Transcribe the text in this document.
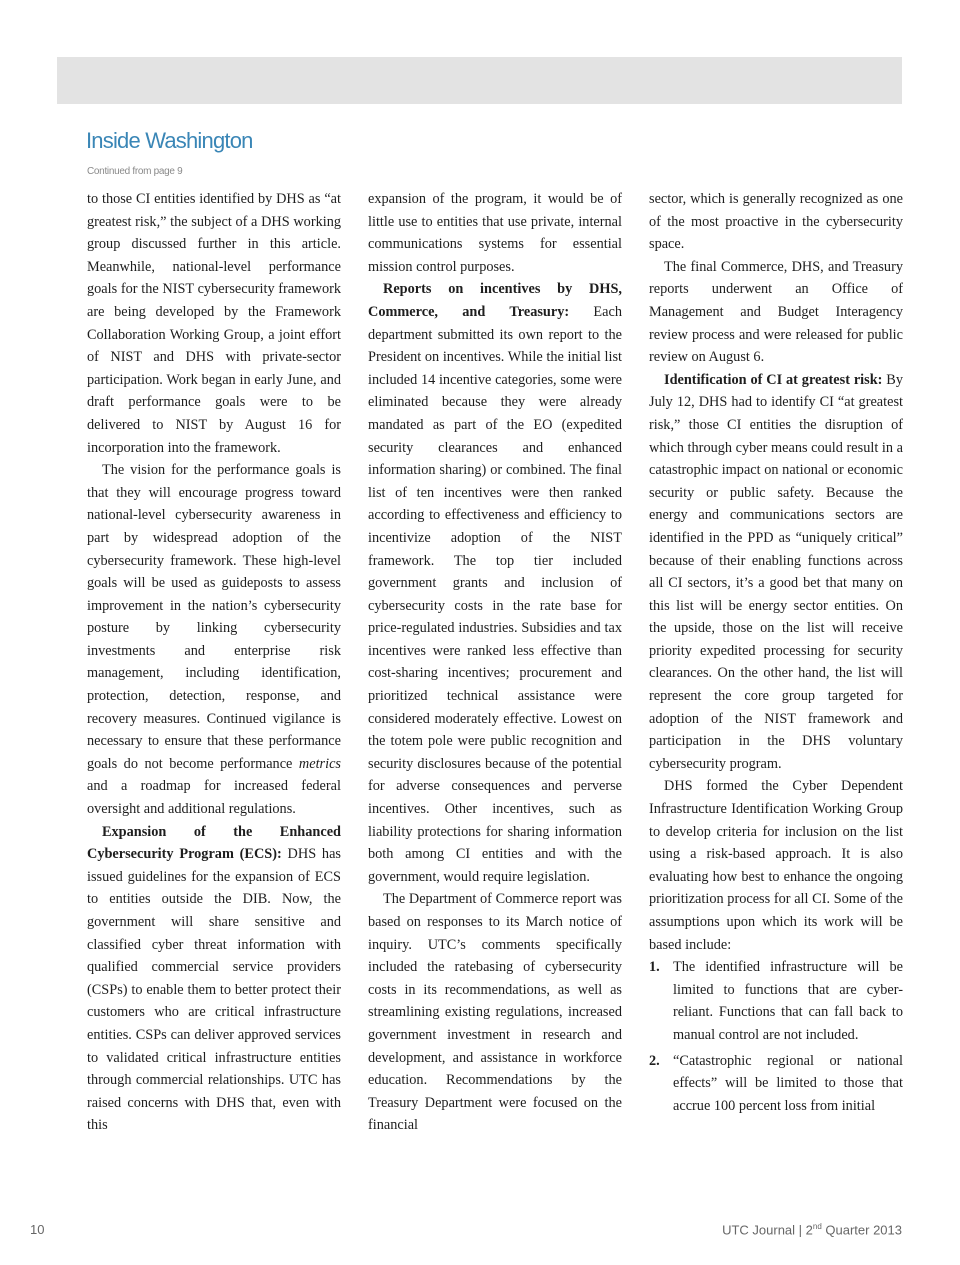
Inside Washington
Continued from page 9

to those CI entities identified by DHS as “at greatest risk,” the subject of a DHS working group discussed further in this article. Meanwhile, national-level performance goals for the NIST cybersecurity framework are being developed by the Framework Collaboration Working Group, a joint effort of NIST and DHS with private-sector participation. Work began in early June, and draft performance goals were to be delivered to NIST by August 16 for incorporation into the framework.

The vision for the performance goals is that they will encourage progress toward national-level cybersecurity awareness in part by widespread adoption of the cybersecurity framework. These high-level goals will be used as guideposts to assess improvement in the nation’s cybersecurity posture by linking cybersecurity investments and enterprise risk management, including identification, protection, detection, response, and recovery measures. Continued vigilance is necessary to ensure that these performance goals do not become performance metrics and a roadmap for increased federal oversight and additional regulations.

Expansion of the Enhanced Cybersecurity Program (ECS): DHS has issued guidelines for the expansion of ECS to entities outside the DIB. Now, the government will share sensitive and classified cyber threat information with qualified commercial service providers (CSPs) to enable them to better protect their customers who are critical infrastructure entities. CSPs can deliver approved services to validated critical infrastructure entities through commercial relationships. UTC has raised concerns with DHS that, even with this

expansion of the program, it would be of little use to entities that use private, internal communications systems for essential mission control purposes.

Reports on incentives by DHS, Commerce, and Treasury: Each department submitted its own report to the President on incentives. While the initial list included 14 incentive categories, some were eliminated because they were already mandated as part of the EO (expedited security clearances and enhanced information sharing) or combined. The final list of ten incentives were then ranked according to effectiveness and efficiency to incentivize adoption of the NIST framework. The top tier included government grants and inclusion of cybersecurity costs in the rate base for price-regulated industries. Subsidies and tax incentives were ranked less effective than cost-sharing incentives; procurement and prioritized technical assistance were considered moderately effective. Lowest on the totem pole were public recognition and security disclosures because of the potential for adverse consequences and perverse incentives. Other incentives, such as liability protections for sharing information both among CI entities and with the government, would require legislation.

The Department of Commerce report was based on responses to its March notice of inquiry. UTC’s comments specifically included the ratebasing of cybersecurity costs in its recommendations, as well as streamlining existing regulations, increased government investment in research and development, and assistance in workforce education. Recommendations by the Treasury Department were focused on the financial

sector, which is generally recognized as one of the most proactive in the cybersecurity space.

The final Commerce, DHS, and Treasury reports underwent an Office of Management and Budget Interagency review process and were released for public review on August 6.

Identification of CI at greatest risk: By July 12, DHS had to identify CI “at greatest risk,” those CI entities the disruption of which through cyber means could result in a catastrophic impact on national or economic security or public safety. Because the energy and communications sectors are identified in the PPD as “uniquely critical” because of their enabling functions across all CI sectors, it’s a good bet that many on this list will be energy sector entities. On the upside, those on the list will receive priority expedited processing for security clearances. On the other hand, the list will represent the core group targeted for adoption of the NIST framework and participation in the DHS voluntary cybersecurity program.

DHS formed the Cyber Dependent Infrastructure Identification Working Group to develop criteria for inclusion on the list using a risk-based approach. It is also evaluating how best to enhance the ongoing prioritization process for all CI. Some of the assumptions upon which its work will be based include:

1. The identified infrastructure will be limited to functions that are cyber-reliant. Functions that can fall back to manual control are not included.
2. “Catastrophic regional or national effects” will be limited to those that accrue 100 percent loss from initial
10	UTC Journal | 2nd Quarter 2013
